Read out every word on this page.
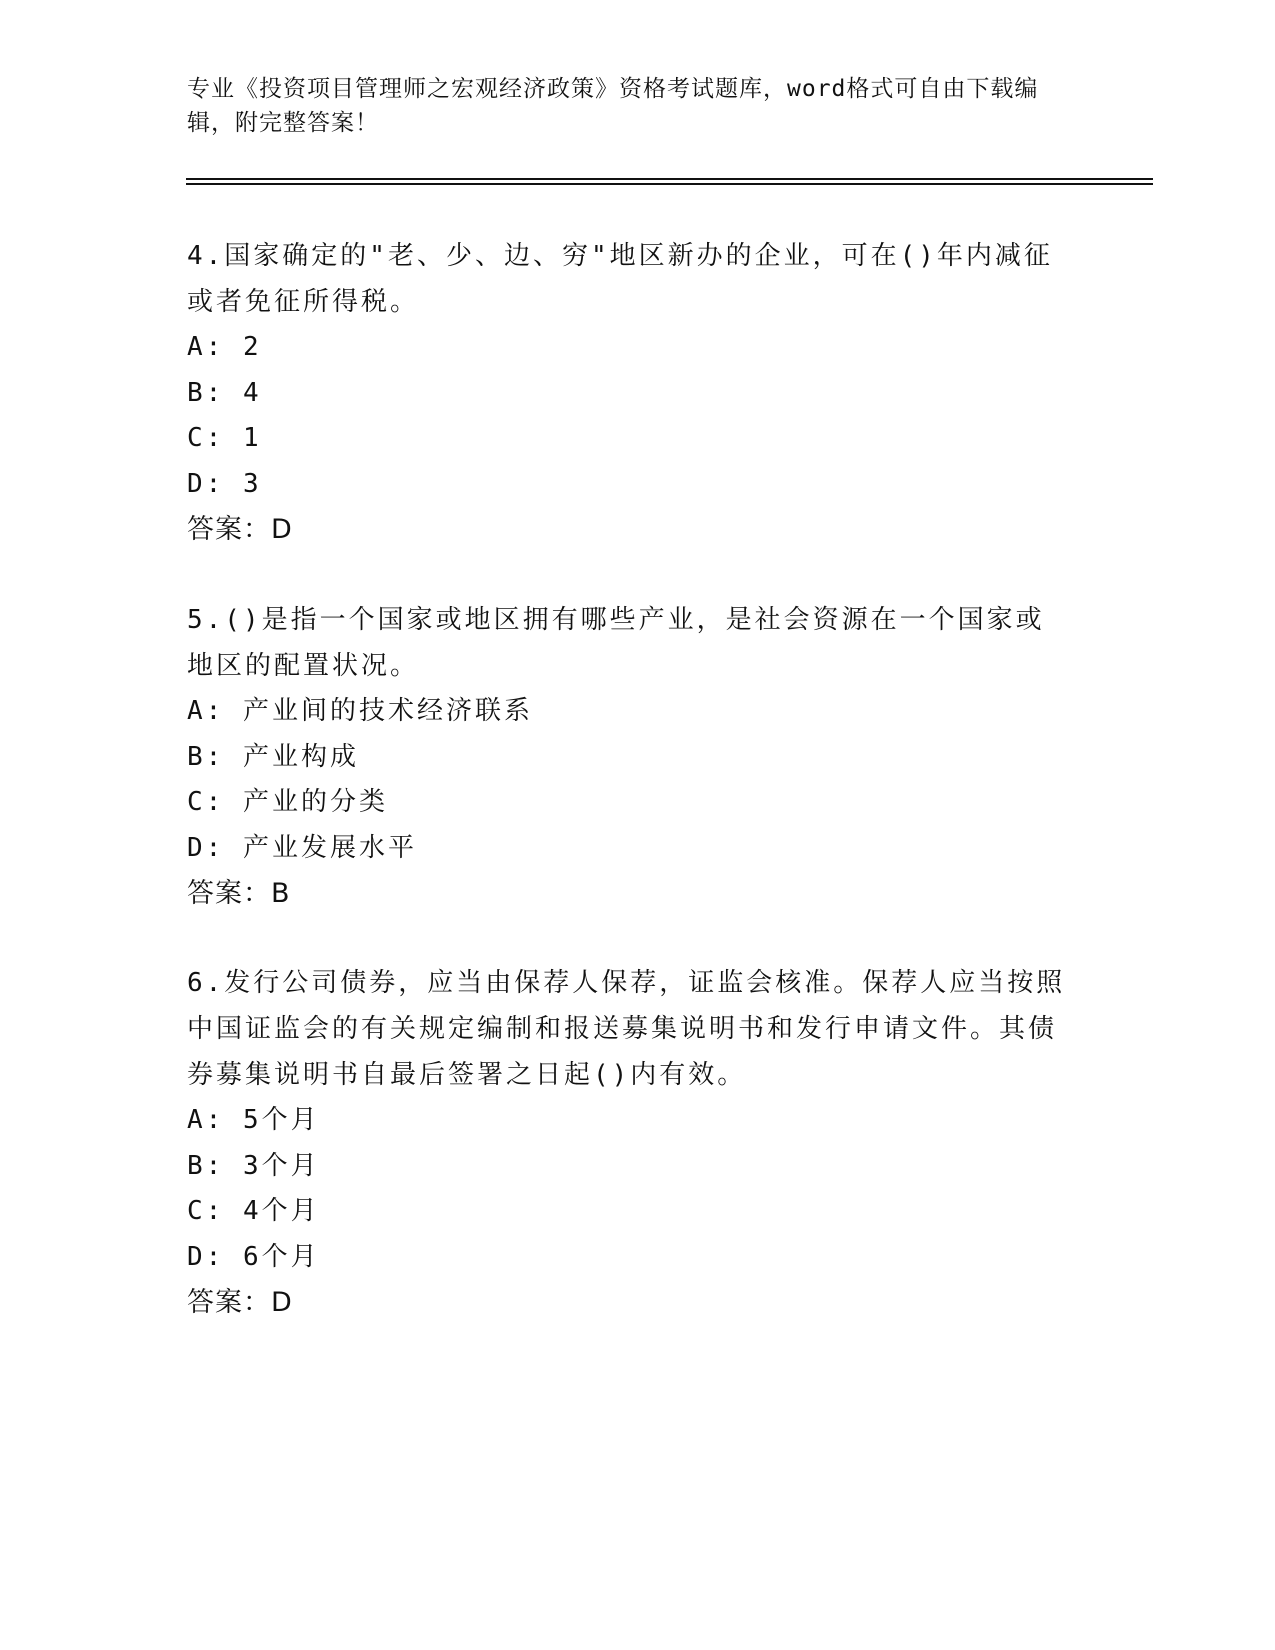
专业《投资项目管理师之宏观经济政策》资格考试题库，word格式可自由下载编辑，附完整答案！

4.国家确定的"老、少、边、穷"地区新办的企业，可在()年内减征或者免征所得税。

A: 2

B: 4

C: 1

D: 3

答案：D

5.()是指一个国家或地区拥有哪些产业，是社会资源在一个国家或地区的配置状况。

A: 产业间的技术经济联系

B: 产业构成

C: 产业的分类

D: 产业发展水平

答案：B

6.发行公司债券，应当由保荐人保荐，证监会核准。保荐人应当按照中国证监会的有关规定编制和报送募集说明书和发行申请文件。其债券募集说明书自最后签署之日起()内有效。

A: 5个月

B: 3个月

C: 4个月

D: 6个月

答案：D
